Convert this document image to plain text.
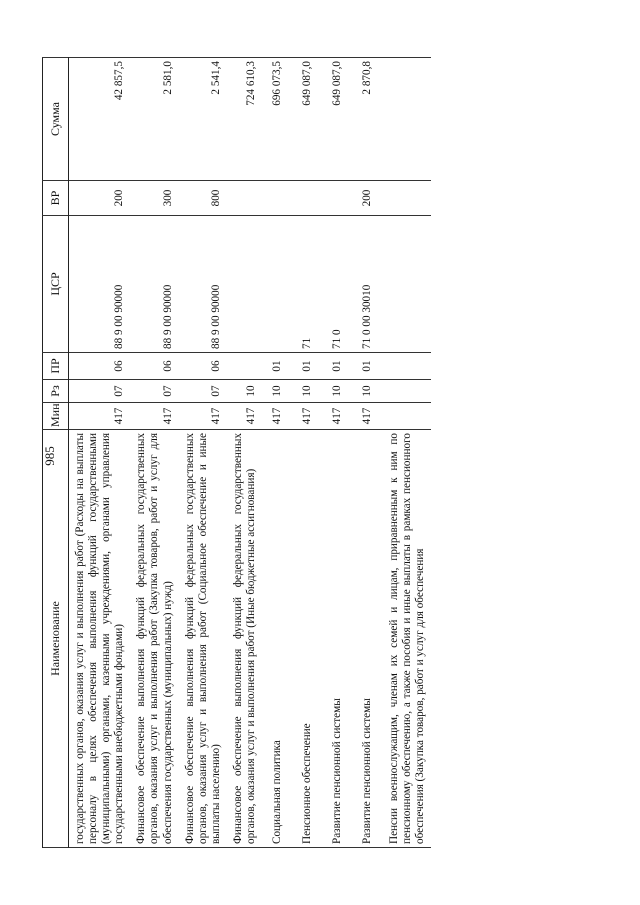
985
Наименование	Мин	Рз	ПР	ЦСР	ВР	Сумма
государственных органов, оказания услуг и выполнения работ (Расходы на выплаты персоналу в целях обеспечения выполнения функций государственными (муниципальными) органами, казенными учреждениями, органами управления государственными внебюджетными фондами)	417	07	06	88 9 00 90000	200	42 857,5
Финансовое обеспечение выполнения функций федеральных государственных органов, оказания услуг и выполнения работ (Закупка товаров, работ и услуг для обеспечения государственных (муниципальных) нужд)	417	07	06	88 9 00 90000	300	2 581,0
Финансовое обеспечение выполнения функций федеральных государственных органов, оказания услуг и выполнения работ (Социальное обеспечение и иные выплаты населению)	417	07	06	88 9 00 90000	800	2 541,4
Финансовое обеспечение выполнения функций федеральных государственных органов, оказания услуг и выполнения работ (Иные бюджетные ассигнования)	417	10				724 610,3
Социальная политика	417	10	01			696 073,5
Пенсионное обеспечение	417	10	01	71		649 087,0
Развитие пенсионной системы	417	10	01	71 0		649 087,0
Развитие пенсионной системы	417	10	01	71 0 00 30010	200	2 870,8
Пенсии военнослужащим, членам их семей и лицам, приравненным к ним по пенсионному обеспечению, а также пособия и иные выплаты в рамках пенсионного обеспечения (Закупка товаров, работ и услуг для обеспечения						
